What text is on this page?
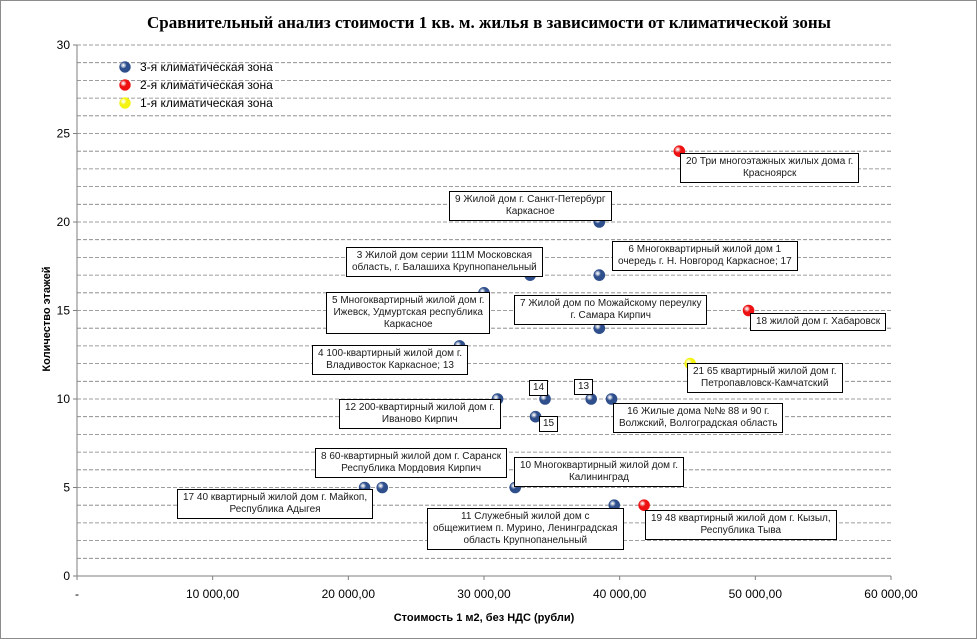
Сравнительный анализ стоимости 1 кв. м. жилья в зависимости от климатической зоны
0
5
10
15
20
25
30
-	10 000,00	20 000,00	30 000,00	40 000,00	50 000,00	60 000,00
Стоимость 1 м2, без НДС (рубли)
Количество этажей
3-я климатическая зона
2-я климатическая зона
1-я климатическая зона
20 Три многоэтажных жилых дома г.
Красноярск
9 Жилой дом г. Санкт-Петербург
Каркасное
3 Жилой дом серии 111М Московская
область, г. Балашиха Крупнопанельный
6 Многоквартирный жилой дом 1
очередь г. Н. Новгород Каркасное; 17
5 Многоквартирный жилой дом г.
Ижевск, Удмуртская республика
Каркасное
7 Жилой дом по Можайскому переулку
г. Самара Кирпич
18 жилой дом г. Хабаровск
4 100-квартирный жилой дом г.
Владивосток Каркасное; 13
21 65 квартирный жилой дом г.
Петропавловск-Камчатский
14	13
12 200-квартирный жилой дом г.
Иваново Кирпич
16 Жилые дома №№ 88 и 90 г.
Волжский, Волгоградская область
15
8 60-квартирный жилой дом г. Саранск
Республика Мордовия Кирпич	10 Многоквартирный жилой дом г.
Калининград
17 40 квартирный жилой дом г. Майкоп,
Республика Адыгея
11 Служебный жилой дом с
общежитием п. Мурино, Ленинградская
область Крупнопанельный
19 48 квартирный жилой дом г. Кызыл,
Республика Тыва
